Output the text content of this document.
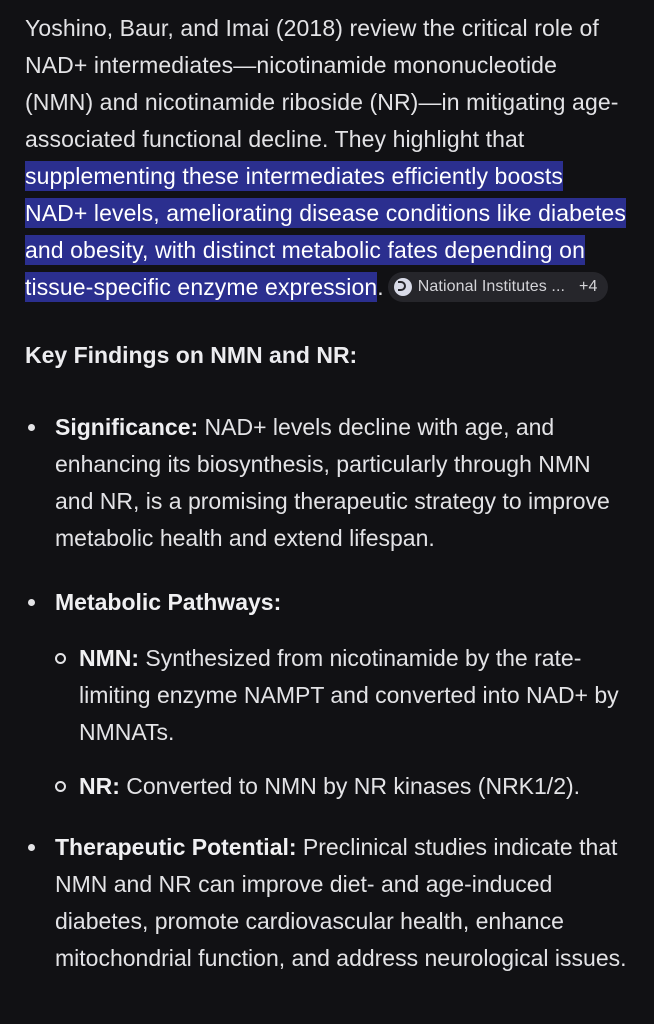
Yoshino, Baur, and Imai (2018) review the critical role of NAD+ intermediates—nicotinamide mononucleotide (NMN) and nicotinamide riboside (NR)—in mitigating age-associated functional decline. They highlight that supplementing these intermediates efficiently boosts NAD+ levels, ameliorating disease conditions like diabetes and obesity, with distinct metabolic fates depending on tissue-specific enzyme expression. National Institutes ... +4

Key Findings on NMN and NR:
Significance: NAD+ levels decline with age, and enhancing its biosynthesis, particularly through NMN and NR, is a promising therapeutic strategy to improve metabolic health and extend lifespan.
Metabolic Pathways:
NMN: Synthesized from nicotinamide by the rate-limiting enzyme NAMPT and converted into NAD+ by NMNATs.
NR: Converted to NMN by NR kinases (NRK1/2).
Therapeutic Potential: Preclinical studies indicate that NMN and NR can improve diet- and age-induced diabetes, promote cardiovascular health, enhance mitochondrial function, and address neurological issues.
